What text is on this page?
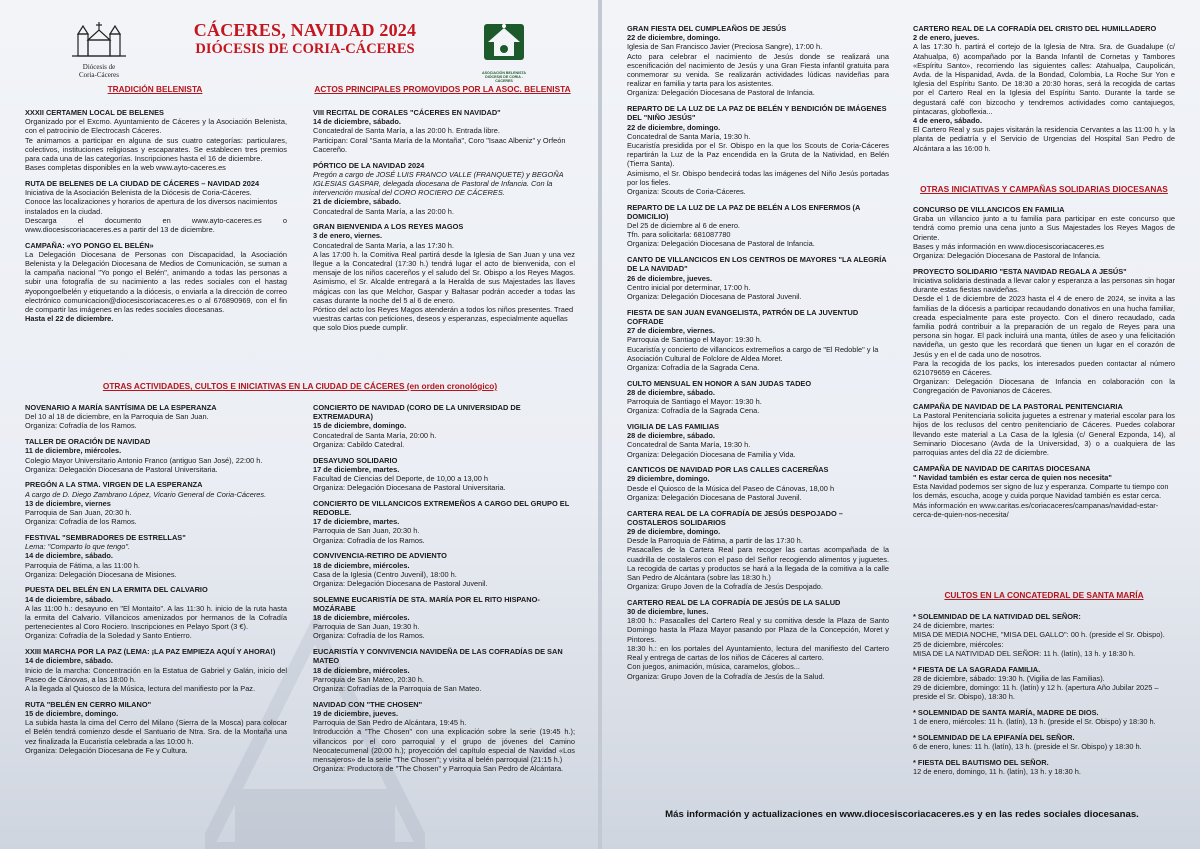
Diócesis de
Coria-Cáceres
CÁCERES, NAVIDAD 2024
DIÓCESIS DE CORIA-CÁCERES
ASOCIACIÓN BELENISTA
DIÓCESIS DE CORIA - CÁCERES
TRADICIÓN BELENISTA	ACTOS PRINCIPALES PROMOVIDOS POR LA ASOC. BELENISTA
XXXII CERTAMEN LOCAL DE BELENES
Organizado por el Excmo. Ayuntamiento de Cáceres y la Asociación Belenista, con el patrocinio de Electrocash Cáceres.
Te animamos a participar en alguna de sus cuatro categorías: particulares, colectivos, instituciones religiosas y escaparates. Se establecen tres premios para cada una de las categorías. Inscripciones hasta el 16 de diciembre.
Bases completas disponibles en la web www.ayto-caceres.es
RUTA DE BELENES DE LA CIUDAD DE CÁCERES – NAVIDAD 2024
Iniciativa de la Asociación Belenista de la Diócesis de Coria-Cáceres.
Conoce las localizaciones y horarios de apertura de los diversos nacimientos instalados en la ciudad.
Descarga el documento en www.ayto-caceres.es o www.diocesiscoriacaceres.es a partir del 13 de diciembre.
CAMPAÑA: «YO PONGO EL BELÉN»
La Delegación Diocesana de Personas con Discapacidad, la Asociación Belenista y la Delegación Diocesana de Medios de Comunicación, se suman a la campaña nacional "Yo pongo el Belén", animando a todas las personas a subir una fotografía de su nacimiento a las redes sociales con el hastag #yopongoelbelén y etiquetando a la diócesis, o enviarla a la dirección de correo electrónico comunicacion@diocesiscoriacaceres.es o al 676890969, con el fin de compartir las imágenes en las redes sociales diocesanas.
Hasta el 22 de diciembre.
VIII RECITAL DE CORALES "CÁCERES EN NAVIDAD"
14 de diciembre, sábado.
Concatedral de Santa María, a las 20:00 h. Entrada libre.
Participan: Coral "Santa María de la Montaña", Coro "Isaac Albeniz" y Orfeón Cacereño.
PÓRTICO DE LA NAVIDAD 2024
Pregón a cargo de JOSÉ LUIS FRANCO VALLE (FRANQUETE) y BEGOÑA IGLESIAS GASPAR, delegada diocesana de Pastoral de Infancia. Con la intervención musical del CORO ROCIERO DE CÁCERES.
21 de diciembre, sábado.
Concatedral de Santa María, a las 20:00 h.
GRAN BIENVENIDA A LOS REYES MAGOS
3 de enero, viernes.
Concatedral de Santa María, a las 17:30 h.
A las 17:00 h. la Comitiva Real partirá desde la Iglesia de San Juan y una vez llegue a la Concatedral (17:30 h.) tendrá lugar el acto de bienvenida, con el mensaje de los niños cacereños y el saludo del Sr. Obispo a los Reyes Magos. Asimismo, el Sr. Alcalde entregará a la Heralda de sus Majestades las llaves mágicas con las que Melchor, Gaspar y Baltasar podrán acceder a todas las casas durante la noche del 5 al 6 de enero.
Pórtico del acto los Reyes Magos atenderán a todos los niños presentes. Traed vuestras cartas con peticiones, deseos y esperanzas, especialmente aquellas que solo Dios puede cumplir.
OTRAS ACTIVIDADES, CULTOS E INICIATIVAS EN LA CIUDAD DE CÁCERES (en orden cronológico)
NOVENARIO A MARÍA SANTÍSIMA DE LA ESPERANZA
Del 10 al 18 de diciembre, en la Parroquia de San Juan.
Organiza: Cofradía de los Ramos.
TALLER DE ORACIÓN DE NAVIDAD
11 de diciembre, miércoles.
Colegio Mayor Universitario Antonio Franco (antiguo San José), 22:00 h.
Organiza: Delegación Diocesana de Pastoral Universitaria.
PREGÓN A LA STMA. VIRGEN DE LA ESPERANZA
A cargo de D. Diego Zambrano López, Vicario General de Coria-Cáceres.
13 de diciembre, viernes
Parroquia de San Juan, 20:30 h.
Organiza: Cofradía de los Ramos.
FESTIVAL "SEMBRADORES DE ESTRELLAS"
Lema: "Comparto lo que tengo".
14 de diciembre, sábado.
Parroquia de Fátima, a las 11:00 h.
Organiza: Delegación Diocesana de Misiones.
PUESTA DEL BELÉN EN LA ERMITA DEL CALVARIO
14 de diciembre, sábado.
A las 11:00 h.: desayuno en "El Montaito". A las 11:30 h. inicio de la ruta hasta la ermita del Calvario. Villancicos amenizados por hermanos de la Cofradía pertenecientes al Coro Rociero. Inscripciones en Pelayo Sport (3 €).
Organiza: Cofradía de la Soledad y Santo Entierro.
XXIII MARCHA POR LA PAZ (LEMA: ¡LA PAZ EMPIEZA AQUÍ Y AHORA!)
14 de diciembre, sábado.
Inicio de la marcha: Concentración en la Estatua de Gabriel y Galán, inicio del Paseo de Cánovas, a las 18:00 h.
A la llegada al Quiosco de la Música, lectura del manifiesto por la Paz.
RUTA "BELÉN EN CERRO MILANO"
15 de diciembre, domingo.
La subida hasta la cima del Cerro del Milano (Sierra de la Mosca) para colocar el Belén tendrá comienzo desde el Santuario de Ntra. Sra. de la Montaña una vez finalizada la Eucaristía celebrada a las 10:00 h.
Organiza: Delegación Diocesana de Fe y Cultura.
CONCIERTO DE NAVIDAD (CORO DE LA UNIVERSIDAD DE EXTREMADURA)
15 de diciembre, domingo.
Concatedral de Santa María, 20:00 h.
Organiza: Cabildo Catedral.
DESAYUNO SOLIDARIO
17 de diciembre, martes.
Facultad de Ciencias del Deporte, de 10,00 a 13,00 h
Organiza: Delegación Diocesana de Pastoral Universitaria.
CONCIERTO DE VILLANCICOS EXTREMEÑOS A CARGO DEL GRUPO EL REDOBLE.
17 de diciembre, martes.
Parroquia de San Juan, 20:30 h.
Organiza: Cofradía de los Ramos.
CONVIVENCIA-RETIRO DE ADVIENTO
18 de diciembre, miércoles.
Casa de la Iglesia (Centro Juvenil), 18:00 h.
Organiza: Delegación Diocesana de Pastoral Juvenil.
SOLEMNE EUCARISTÍA DE STA. MARÍA POR EL RITO HISPANO-MOZÁRABE
18 de diciembre, miércoles.
Parroquia de San Juan, 19:30 h.
Organiza: Cofradía de los Ramos.
EUCARISTÍA Y CONVIVENCIA NAVIDEÑA DE LAS COFRADÍAS DE SAN MATEO
18 de diciembre, miércoles.
Parroquia de San Mateo, 20:30 h.
Organiza: Cofradías de la Parroquia de San Mateo.
NAVIDAD CON "THE CHOSEN"
19 de diciembre, jueves.
Parroquia de San Pedro de Alcántara, 19:45 h.
Introducción a "The Chosen" con una explicación sobre la serie (19:45 h.); villancicos por el coro parroquial y el grupo de jóvenes del Camino Neocatecumenal (20:00 h.); proyección del capítulo especial de Navidad «Los mensajeros» de la serie "The Chosen"; y visita al belén parroquial (21:15 h.)
Organiza: Productora de "The Chosen" y Parroquia San Pedro de Alcántara.
GRAN FIESTA DEL CUMPLEAÑOS DE JESÚS
22 de diciembre, domingo.
Iglesia de San Francisco Javier (Preciosa Sangre), 17:00 h.
Acto para celebrar el nacimiento de Jesús donde se realizará una escenificación del nacimiento de Jesús y una Gran Fiesta infantil gratuita para conmemorar su venida. Se realizarán actividades lúdicas navideñas para realizar en familia y tarta para los asistentes.
Organiza: Delegación Diocesana de Pastoral de Infancia.
REPARTO DE LA LUZ DE LA PAZ DE BELÉN Y BENDICIÓN DE IMÁGENES DEL "NIÑO JESÚS"
22 de diciembre, domingo.
Concatedral de Santa María, 19:30 h.
Eucaristía presidida por el Sr. Obispo en la que los Scouts de Coria-Cáceres repartirán la Luz de la Paz encendida en la Gruta de la Natividad, en Belén (Tierra Santa).
Asimismo, el Sr. Obispo bendecirá todas las imágenes del Niño Jesús portadas por los fieles.
Organiza: Scouts de Coria-Cáceres.
REPARTO DE LA LUZ DE LA PAZ DE BELÉN A LOS ENFERMOS (A DOMICILIO)
Del 25 de diciembre al 6 de enero.
Tfn. para solicitarla: 681087780
Organiza: Delegación Diocesana de Pastoral de Infancia.
CANTO DE VILLANCICOS EN LOS CENTROS DE MAYORES "LA ALEGRÍA DE LA NAVIDAD"
26 de diciembre, jueves.
Centro inicial por determinar, 17:00 h.
Organiza: Delegación Diocesana de Pastoral Juvenil.
FIESTA DE SAN JUAN EVANGELISTA, PATRÓN DE LA JUVENTUD COFRADE
27 de diciembre, viernes.
Parroquia de Santiago el Mayor: 19:30 h.
Eucaristía y concierto de villancicos extremeños a cargo de "El Redoble" y la Asociación Cultural de Folclore de Aldea Moret.
Organiza: Cofradía de la Sagrada Cena.
CULTO MENSUAL EN HONOR A SAN JUDAS TADEO
28 de diciembre, sábado.
Parroquia de Santiago el Mayor: 19:30 h.
Organiza: Cofradía de la Sagrada Cena.
VIGILIA DE LAS FAMILIAS
28 de diciembre, sábado.
Concatedral de Santa María, 19:30 h.
Organiza: Delegación Diocesana de Familia y Vida.
CANTICOS DE NAVIDAD POR LAS CALLES CACEREÑAS
29 diciembre, domingo.
Desde el Quiosco de la Música del Paseo de Cánovas, 18,00 h
Organiza: Delegación Diocesana de Pastoral Juvenil.
CARTERA REAL DE LA COFRADÍA DE JESÚS DESPOJADO – COSTALEROS SOLIDARIOS
29 de diciembre, domingo.
Desde la Parroquia de Fátima, a partir de las 17:30 h.
Pasacalles de la Cartera Real para recoger las cartas acompañada de la cuadrilla de costaleros con el paso del Señor recogiendo alimentos y juguetes. La recogida de cartas y productos se hará a la llegada de la comitiva a la calle San Pedro de Alcántara (sobre las 18:30 h.)
Organiza: Grupo Joven de la Cofradía de Jesús Despojado.
CARTERO REAL DE LA COFRADÍA DE JESÚS DE LA SALUD
30 de diciembre, lunes.
18:00 h.: Pasacalles del Cartero Real y su comitiva desde la Plaza de Santo Domingo hasta la Plaza Mayor pasando por Plaza de la Concepción, Moret y Pintores.
18:30 h.: en los portales del Ayuntamiento, lectura del manifiesto del Cartero Real y entrega de cartas de los niños de Cáceres al cartero.
Con juegos, animación, música, caramelos, globos...
Organiza: Grupo Joven de la Cofradía de Jesús de la Salud.
CARTERO REAL DE LA COFRADÍA DEL CRISTO DEL HUMILLADERO
2 de enero, jueves.
A las 17:30 h. partirá el cortejo de la Iglesia de Ntra. Sra. de Guadalupe (c/ Atahualpa, 6) acompañado por la Banda Infantil de Cornetas y Tambores «Espíritu Santo», recorriendo las siguientes calles: Atahualpa, Caupolicán, Avda. de la Hispanidad, Avda. de la Bondad, Colombia, La Roche Sur Yon e Iglesia del Espíritu Santo. De 18:30 a 20:30 horas, será la recogida de cartas por el Cartero Real en la Iglesia del Espíritu Santo. Durante la tarde se degustará café con bizcocho y tendremos actividades como cantajuegos, pintacaras, globoflexia...
4 de enero, sábado.
El Cartero Real y sus pajes visitarán la residencia Cervantes a las 11:00 h. y la planta de pediatría y el Servicio de Urgencias del Hospital San Pedro de Alcántara a las 16:00 h.
OTRAS INICIATIVAS Y CAMPAÑAS SOLIDARIAS DIOCESANAS
CONCURSO DE VILLANCICOS EN FAMILIA
Graba un villancico junto a tu familia para participar en este concurso que tendrá como premio una cena junto a Sus Majestades los Reyes Magos de Oriente.
Bases y más información en www.diocesiscoriacaceres.es
Organiza: Delegación Diocesana de Pastoral de Infancia.
PROYECTO SOLIDARIO "ESTA NAVIDAD REGALA A JESÚS"
Iniciativa solidaria destinada a llevar calor y esperanza a las personas sin hogar durante estas fiestas navideñas.
Desde el 1 de diciembre de 2023 hasta el 4 de enero de 2024, se invita a las familias de la diócesis a participar recaudando donativos en una hucha familiar, creada especialmente para este proyecto. Con el dinero recaudado, cada familia podrá contribuir a la preparación de un regalo de Reyes para una persona sin hogar. El pack incluirá una manta, útiles de aseo y una felicitación navideña, un gesto que les recordará que tienen un lugar en el corazón de Jesús y en el de cada uno de nosotros.
Para la recogida de los packs, los interesados pueden contactar al número 621079659 en Cáceres.
Organizan: Delegación Diocesana de Infancia en colaboración con la Congregación de Pavonianos de Cáceres.
CAMPAÑA DE NAVIDAD DE LA PASTORAL PENITENCIARIA
La Pastoral Penitenciaria solicita juguetes a estrenar y material escolar para los hijos de los reclusos del centro penitenciario de Cáceres. Puedes colaborar llevando este material a La Casa de la Iglesia (c/ General Ezponda, 14), al Seminario Diocesano (Avda de la Universidad, 3) o a cualquiera de las parroquias antes del día 22 de diciembre.
CAMPAÑA DE NAVIDAD DE CARITAS DIOCESANA
" Navidad también es estar cerca de quien nos necesita"
Esta Navidad podemos ser signo de luz y esperanza. Comparte tu tiempo con los demás, escucha, acoge y cuida porque Navidad también es estar cerca.
Más información en www.caritas.es/coriacaceres/campanas/navidad-estar-cerca-de-quien-nos-necesita/
CULTOS EN LA CONCATEDRAL DE SANTA MARÍA
* SOLEMNIDAD DE LA NATIVIDAD DEL SEÑOR:
24 de diciembre, martes:
MISA DE MEDIA NOCHE, "MISA DEL GALLO": 00 h. (preside el Sr. Obispo).
25 de diciembre, miércoles:
MISA DE LA NATIVIDAD DEL SEÑOR: 11 h. (latín), 13 h. y 18:30 h.
* FIESTA DE LA SAGRADA FAMILIA.
28 de diciembre, sábado: 19:30 h. (Vigilia de las Familias).
29 de diciembre, domingo: 11 h. (latín) y 12 h. (apertura Año Jubilar 2025 – preside el Sr. Obispo), 18:30 h.
* SOLEMNIDAD DE SANTA MARÍA, MADRE DE DIOS.
1 de enero, miércoles: 11 h. (latín), 13 h. (preside el Sr. Obispo) y 18:30 h.
* SOLEMNIDAD DE LA EPIFANÍA DEL SEÑOR.
6 de enero, lunes: 11 h. (latín), 13 h. (preside el Sr. Obispo) y 18:30 h.
* FIESTA DEL BAUTISMO DEL SEÑOR.
12 de enero, domingo, 11 h. (latín), 13 h. y 18:30 h.

Más información y actualizaciones en www.diocesiscoriacaceres.es y en las redes sociales diocesanas.
